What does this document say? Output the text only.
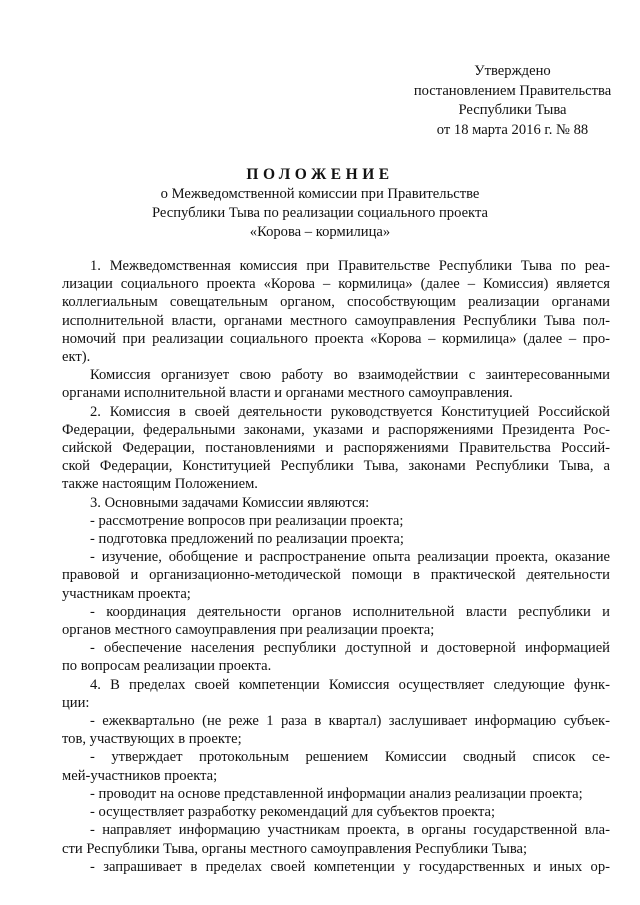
Утверждено
постановлением Правительства
Республики Тыва
от 18 марта 2016 г. № 88
ПОЛОЖЕНИЕ
о Межведомственной комиссии при Правительстве
Республики Тыва по реализации социального проекта
«Корова – кормилица»
1. Межведомственная комиссия при Правительстве Республики Тыва по реа-
лизации социального проекта «Корова – кормилица» (далее – Комиссия) является
коллегиальным совещательным органом, способствующим реализации органами
исполнительной власти, органами местного самоуправления Республики Тыва пол-
номочий при реализации социального проекта «Корова – кормилица» (далее – про-
ект).
Комиссия организует свою работу во взаимодействии с заинтересованными
органами исполнительной власти и органами местного самоуправления.
2. Комиссия в своей деятельности руководствуется Конституцией Российской
Федерации, федеральными законами, указами и распоряжениями Президента Рос-
сийской Федерации, постановлениями и распоряжениями Правительства Россий-
ской Федерации, Конституцией Республики Тыва, законами Республики Тыва, а
также настоящим Положением.
3. Основными задачами Комиссии являются:
- рассмотрение вопросов при реализации проекта;
- подготовка предложений по реализации проекта;
- изучение, обобщение и распространение опыта реализации проекта, оказание
правовой и организационно-методической помощи в практической деятельности
участникам проекта;
- координация деятельности органов исполнительной власти республики и
органов местного самоуправления при реализации проекта;
- обеспечение населения республики доступной и достоверной информацией
по вопросам реализации проекта.
4. В пределах своей компетенции Комиссия осуществляет следующие функ-
ции:
- ежеквартально (не реже 1 раза в квартал) заслушивает информацию субъек-
тов, участвующих в проекте;
- утверждает протокольным решением Комиссии сводный список се-
мей-участников проекта;
- проводит на основе представленной информации анализ реализации проекта;
- осуществляет разработку рекомендаций для субъектов проекта;
- направляет информацию участникам проекта, в органы государственной вла-
сти Республики Тыва, органы местного самоуправления Республики Тыва;
- запрашивает в пределах своей компетенции у государственных и иных ор-
